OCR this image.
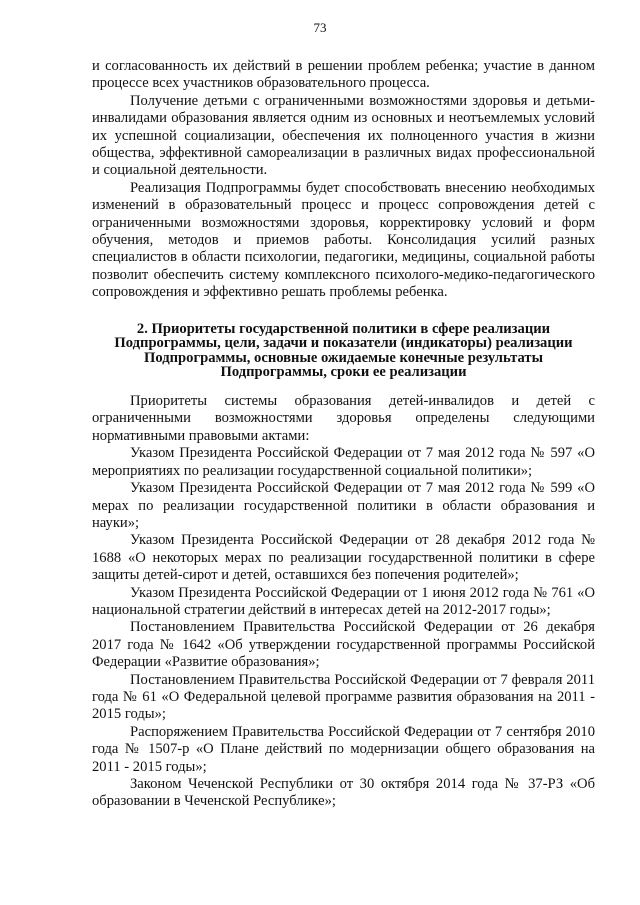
73

и согласованность их действий в решении проблем ребенка; участие в данном процессе всех участников образовательного процесса.

Получение детьми с ограниченными возможностями здоровья и детьми-инвалидами образования является одним из основных и неотъемлемых условий их успешной социализации, обеспечения их полноценного участия в жизни общества, эффективной самореализации в различных видах профессиональной и социальной деятельности.

Реализация Подпрограммы будет способствовать внесению необходимых изменений в образовательный процесс и процесс сопровождения детей с ограниченными возможностями здоровья, корректировку условий и форм обучения, методов и приемов работы. Консолидация усилий разных специалистов в области психологии, педагогики, медицины, социальной работы позволит обеспечить систему комплексного психолого-медико-педагогического сопровождения и эффективно решать проблемы ребенка.

2. Приоритеты государственной политики в сфере реализации
Подпрограммы, цели, задачи и показатели (индикаторы) реализации
Подпрограммы, основные ожидаемые конечные результаты
Подпрограммы, сроки ее реализации

Приоритеты системы образования детей-инвалидов и детей с ограниченными возможностями здоровья определены следующими нормативными правовыми актами:

Указом Президента Российской Федерации от 7 мая 2012 года № 597 «О мероприятиях по реализации государственной социальной политики»;

Указом Президента Российской Федерации от 7 мая 2012 года № 599 «О мерах по реализации государственной политики в области образования и науки»;

Указом Президента Российской Федерации от 28 декабря 2012 года № 1688 «О некоторых мерах по реализации государственной политики в сфере защиты детей-сирот и детей, оставшихся без попечения родителей»;

Указом Президента Российской Федерации от 1 июня 2012 года № 761 «О национальной стратегии действий в интересах детей на 2012-2017 годы»;

Постановлением Правительства Российской Федерации от 26 декабря 2017 года № 1642 «Об утверждении государственной программы Российской Федерации «Развитие образования»;

Постановлением Правительства Российской Федерации от 7 февраля 2011 года № 61 «О Федеральной целевой программе развития образования на 2011 - 2015 годы»;

Распоряжением Правительства Российской Федерации от 7 сентября 2010 года № 1507-р «О Плане действий по модернизации общего образования на 2011 - 2015 годы»;

Законом Чеченской Республики от 30 октября 2014 года № 37-РЗ «Об образовании в Чеченской Республике»;
